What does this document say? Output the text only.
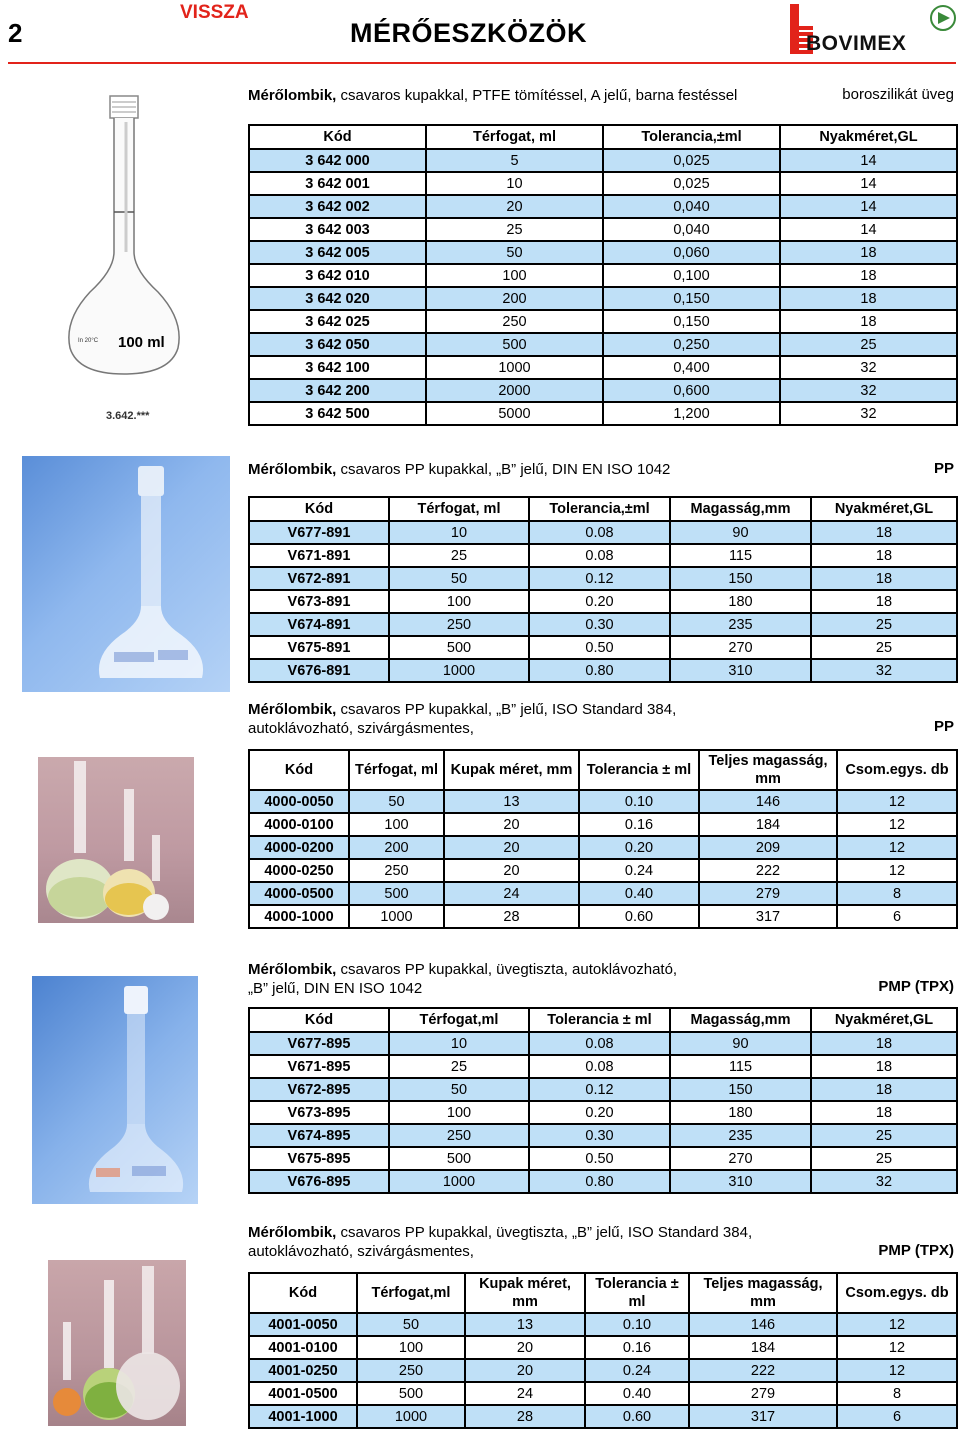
2
VISSZA
MÉRŐESZKÖZÖK	BOVIMEX
In 20°C 100 ml
3.642.***
Mérőlombik, csavaros kupakkal, PTFE tömítéssel, A jelű, barna festéssel	boroszilikát üveg
Kód	Térfogat, ml	Tolerancia,±ml	Nyakméret,GL
3 642 000	5	0,025	14
3 642 001	10	0,025	14
3 642 002	20	0,040	14
3 642 003	25	0,040	14
3 642 005	50	0,060	18
3 642 010	100	0,100	18
3 642 020	200	0,150	18
3 642 025	250	0,150	18
3 642 050	500	0,250	25
3 642 100	1000	0,400	32
3 642 200	2000	0,600	32
3 642 500	5000	1,200	32
Mérőlombik, csavaros PP kupakkal, „B” jelű, DIN EN ISO 1042	PP
Kód	Térfogat, ml	Tolerancia,±ml	Magasság,mm	Nyakméret,GL
V677-891	10	0.08	90	18
V671-891	25	0.08	115	18
V672-891	50	0.12	150	18
V673-891	100	0.20	180	18
V674-891	250	0.30	235	25
V675-891	500	0.50	270	25
V676-891	1000	0.80	310	32
Mérőlombik, csavaros PP kupakkal, „B” jelű, ISO Standard 384,
autoklávozható, szivárgásmentes,	PP
Kód	Térfogat, ml	Kupak méret, mm	Tolerancia ± ml	Teljes magasság, mm	Csom.egys. db
4000-0050	50	13	0.10	146	12
4000-0100	100	20	0.16	184	12
4000-0200	200	20	0.20	209	12
4000-0250	250	20	0.24	222	12
4000-0500	500	24	0.40	279	8
4000-1000	1000	28	0.60	317	6
Mérőlombik, csavaros PP kupakkal, üvegtiszta, autoklávozható,
„B” jelű, DIN EN ISO 1042	PMP (TPX)
Kód	Térfogat,ml	Tolerancia ± ml	Magasság,mm	Nyakméret,GL
V677-895	10	0.08	90	18
V671-895	25	0.08	115	18
V672-895	50	0.12	150	18
V673-895	100	0.20	180	18
V674-895	250	0.30	235	25
V675-895	500	0.50	270	25
V676-895	1000	0.80	310	32
Mérőlombik, csavaros PP kupakkal, üvegtiszta, „B” jelű, ISO Standard 384,
autoklávozható, szivárgásmentes,	PMP (TPX)
Kód	Térfogat,ml	Kupak méret, mm	Tolerancia ± ml	Teljes magasság, mm	Csom.egys. db
4001-0050	50	13	0.10	146	12
4001-0100	100	20	0.16	184	12
4001-0250	250	20	0.24	222	12
4001-0500	500	24	0.40	279	8
4001-1000	1000	28	0.60	317	6
